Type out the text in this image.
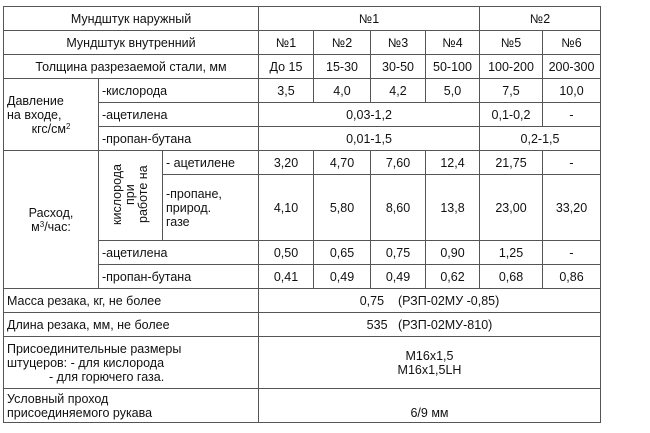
Мундштук наружный			№1				№2	
Мундштук внутренний			№1	№2	№3	№4	№5	№6
Толщина разрезаемой стали, мм			До 15	15-30	30-50	50-100	100-200	200-300

Давление
на входе,
кгс/$см^2$	-кислорода		3,5	4,0	4,2	5,0	7,5	10,0
	-ацетилена		0,03-1,2				0,1-0,2	-
	-пропан-бутана		0,01-1,5				0,2-1,5	

Расход,
$м^3$/час:	кислорода при работе на	- ацетилене	3,20	4,70	7,60	12,4	21,75	-

		-пропане,
природ.
газе	4,10	5,80	8,60	13,8	23,00	33,20
	-ацетилена		0,50	0,65	0,75	0,90	1,25	-
	-пропан-бутана		0,41	0,49	0,49	0,62	0,68	0,86
Масса резака, кг, не более			0,75    (РЗП-02МУ -0,85)					
Длина резака, мм, не более			535   (РЗП-02МУ-810)					

Присоединительные размеры
штуцеров: - для кислорода
- для горючего газа.			М16х1,5
М16х1,5LH					

Условный проход
присоединяемого рукава			6/9 мм					
